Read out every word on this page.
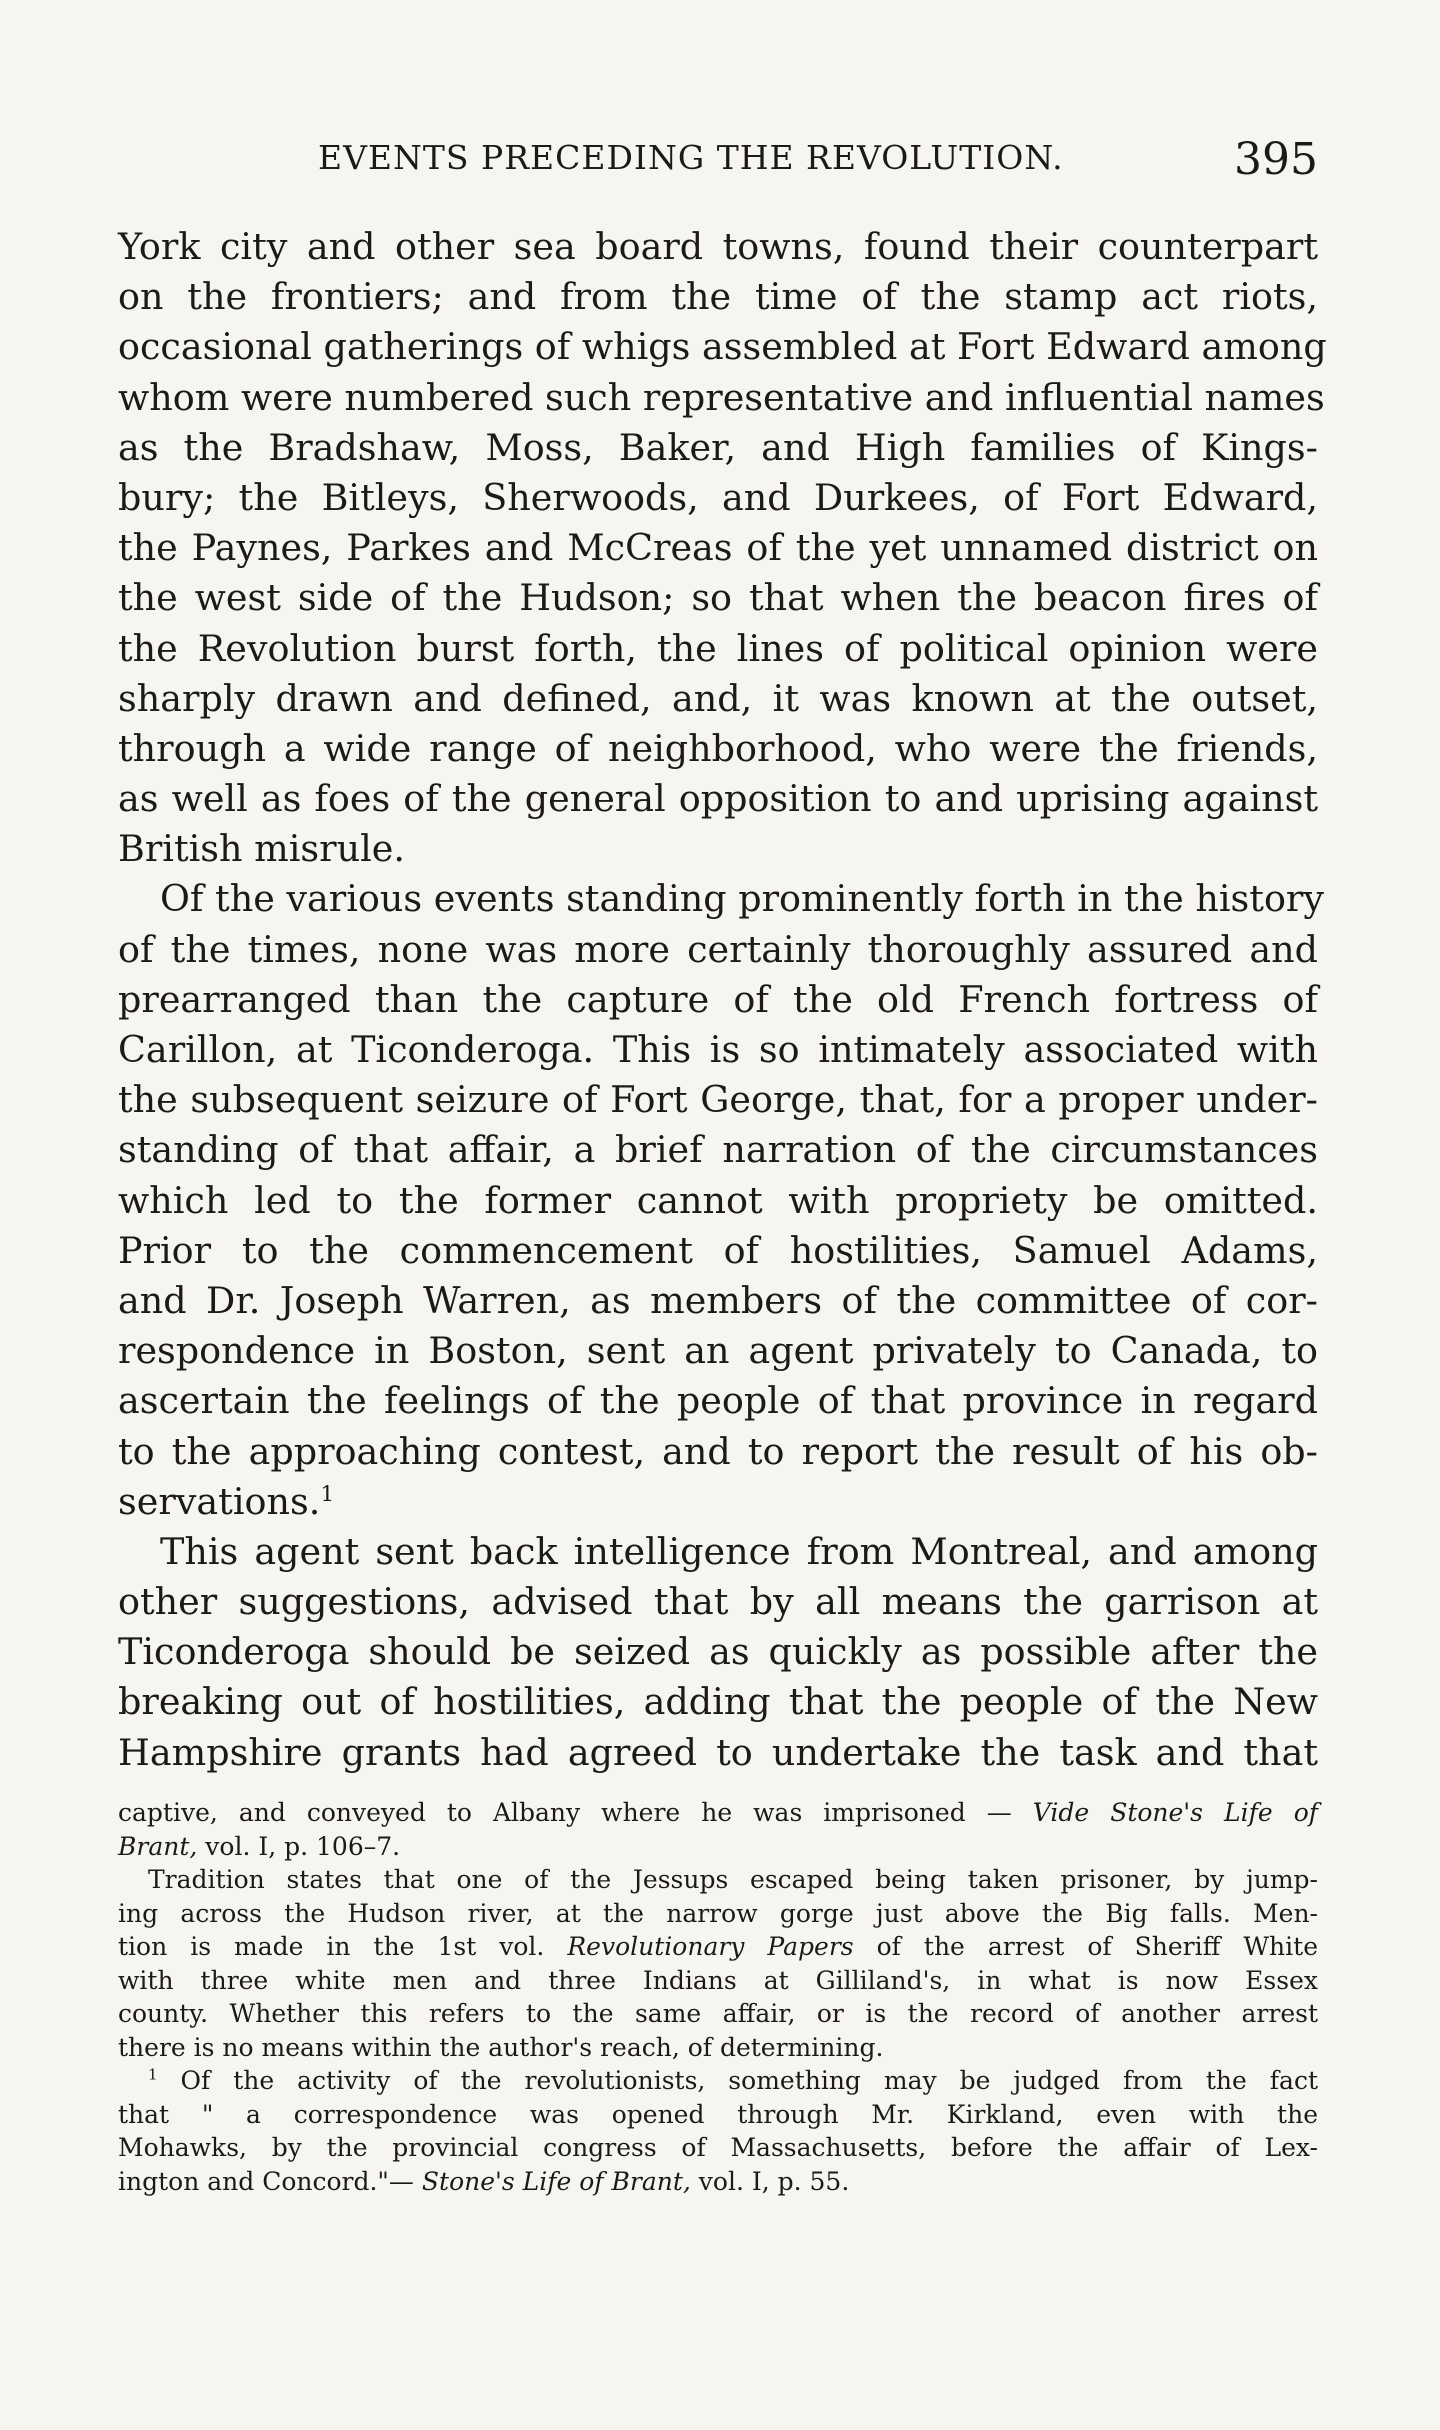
EVENTS PRECEDING THE REVOLUTION.	395

York city and other sea board towns, found their counterpart
on the frontiers; and from the time of the stamp act riots,
occasional gatherings of whigs assembled at Fort Edward among
whom were numbered such representative and influential names
as the Bradshaw, Moss, Baker, and High families of Kings-
bury; the Bitleys, Sherwoods, and Durkees, of Fort Edward,
the Paynes, Parkes and McCreas of the yet unnamed district on
the west side of the Hudson; so that when the beacon fires of
the Revolution burst forth, the lines of political opinion were
sharply drawn and defined, and, it was known at the outset,
through a wide range of neighborhood, who were the friends,
as well as foes of the general opposition to and uprising against
British misrule.

Of the various events standing prominently forth in the history
of the times, none was more certainly thoroughly assured and
prearranged than the capture of the old French fortress of
Carillon, at Ticonderoga. This is so intimately associated with
the subsequent seizure of Fort George, that, for a proper under-
standing of that affair, a brief narration of the circumstances
which led to the former cannot with propriety be omitted.
Prior to the commencement of hostilities, Samuel Adams,
and Dr. Joseph Warren, as members of the committee of cor-
respondence in Boston, sent an agent privately to Canada, to
ascertain the feelings of the people of that province in regard
to the approaching contest, and to report the result of his ob-
servations.$^1$

This agent sent back intelligence from Montreal, and among
other suggestions, advised that by all means the garrison at
Ticonderoga should be seized as quickly as possible after the
breaking out of hostilities, adding that the people of the New
Hampshire grants had agreed to undertake the task and that

captive, and conveyed to Albany where he was imprisoned — Vide Stone's Life of
Brant, vol. I, p. 106–7.
Tradition states that one of the Jessups escaped being taken prisoner, by jump-
ing across the Hudson river, at the narrow gorge just above the Big falls. Men-
tion is made in the 1st vol. Revolutionary Papers of the arrest of Sheriff White
with three white men and three Indians at Gilliland's, in what is now Essex
county. Whether this refers to the same affair, or is the record of another arrest
there is no means within the author's reach, of determining.
$^1$ Of the activity of the revolutionists, something may be judged from the fact
that " a correspondence was opened through Mr. Kirkland, even with the
Mohawks, by the provincial congress of Massachusetts, before the affair of Lex-
ington and Concord."— Stone's Life of Brant, vol. I, p. 55.
